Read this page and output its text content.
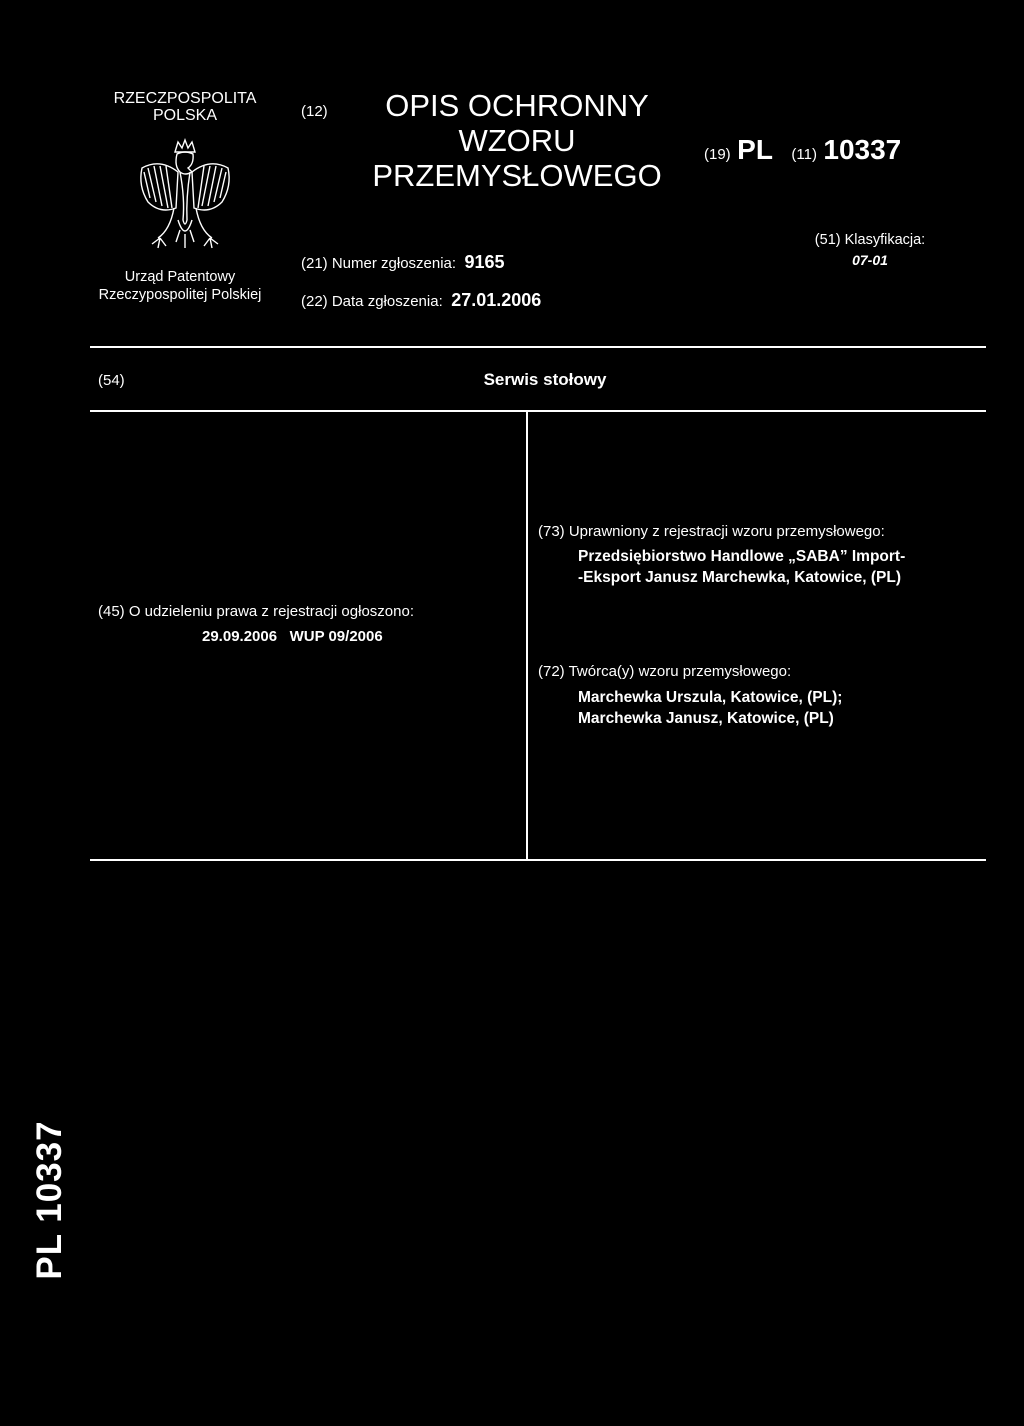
RZECZPOSPOLITA
POLSKA
Urząd Patentowy
Rzeczypospolitej Polskiej
(12)	OPIS OCHRONNY
WZORU
PRZEMYSŁOWEGO
(19) PL (11) 10337
(21) Numer zgłoszenia: 9165
(22) Data zgłoszenia: 27.01.2006
(51) Klasyfikacja:
07-01
(54)	Serwis stołowy
(45) O udzieleniu prawa z rejestracji ogłoszono:
29.09.2006   WUP 09/2006
(73) Uprawniony z rejestracji wzoru przemysłowego:
Przedsiębiorstwo Handlowe „SABA” Import-
-Eksport Janusz Marchewka, Katowice, (PL)
(72) Twórca(y) wzoru przemysłowego:
Marchewka Urszula, Katowice, (PL);
Marchewka Janusz, Katowice, (PL)
PL 10337
